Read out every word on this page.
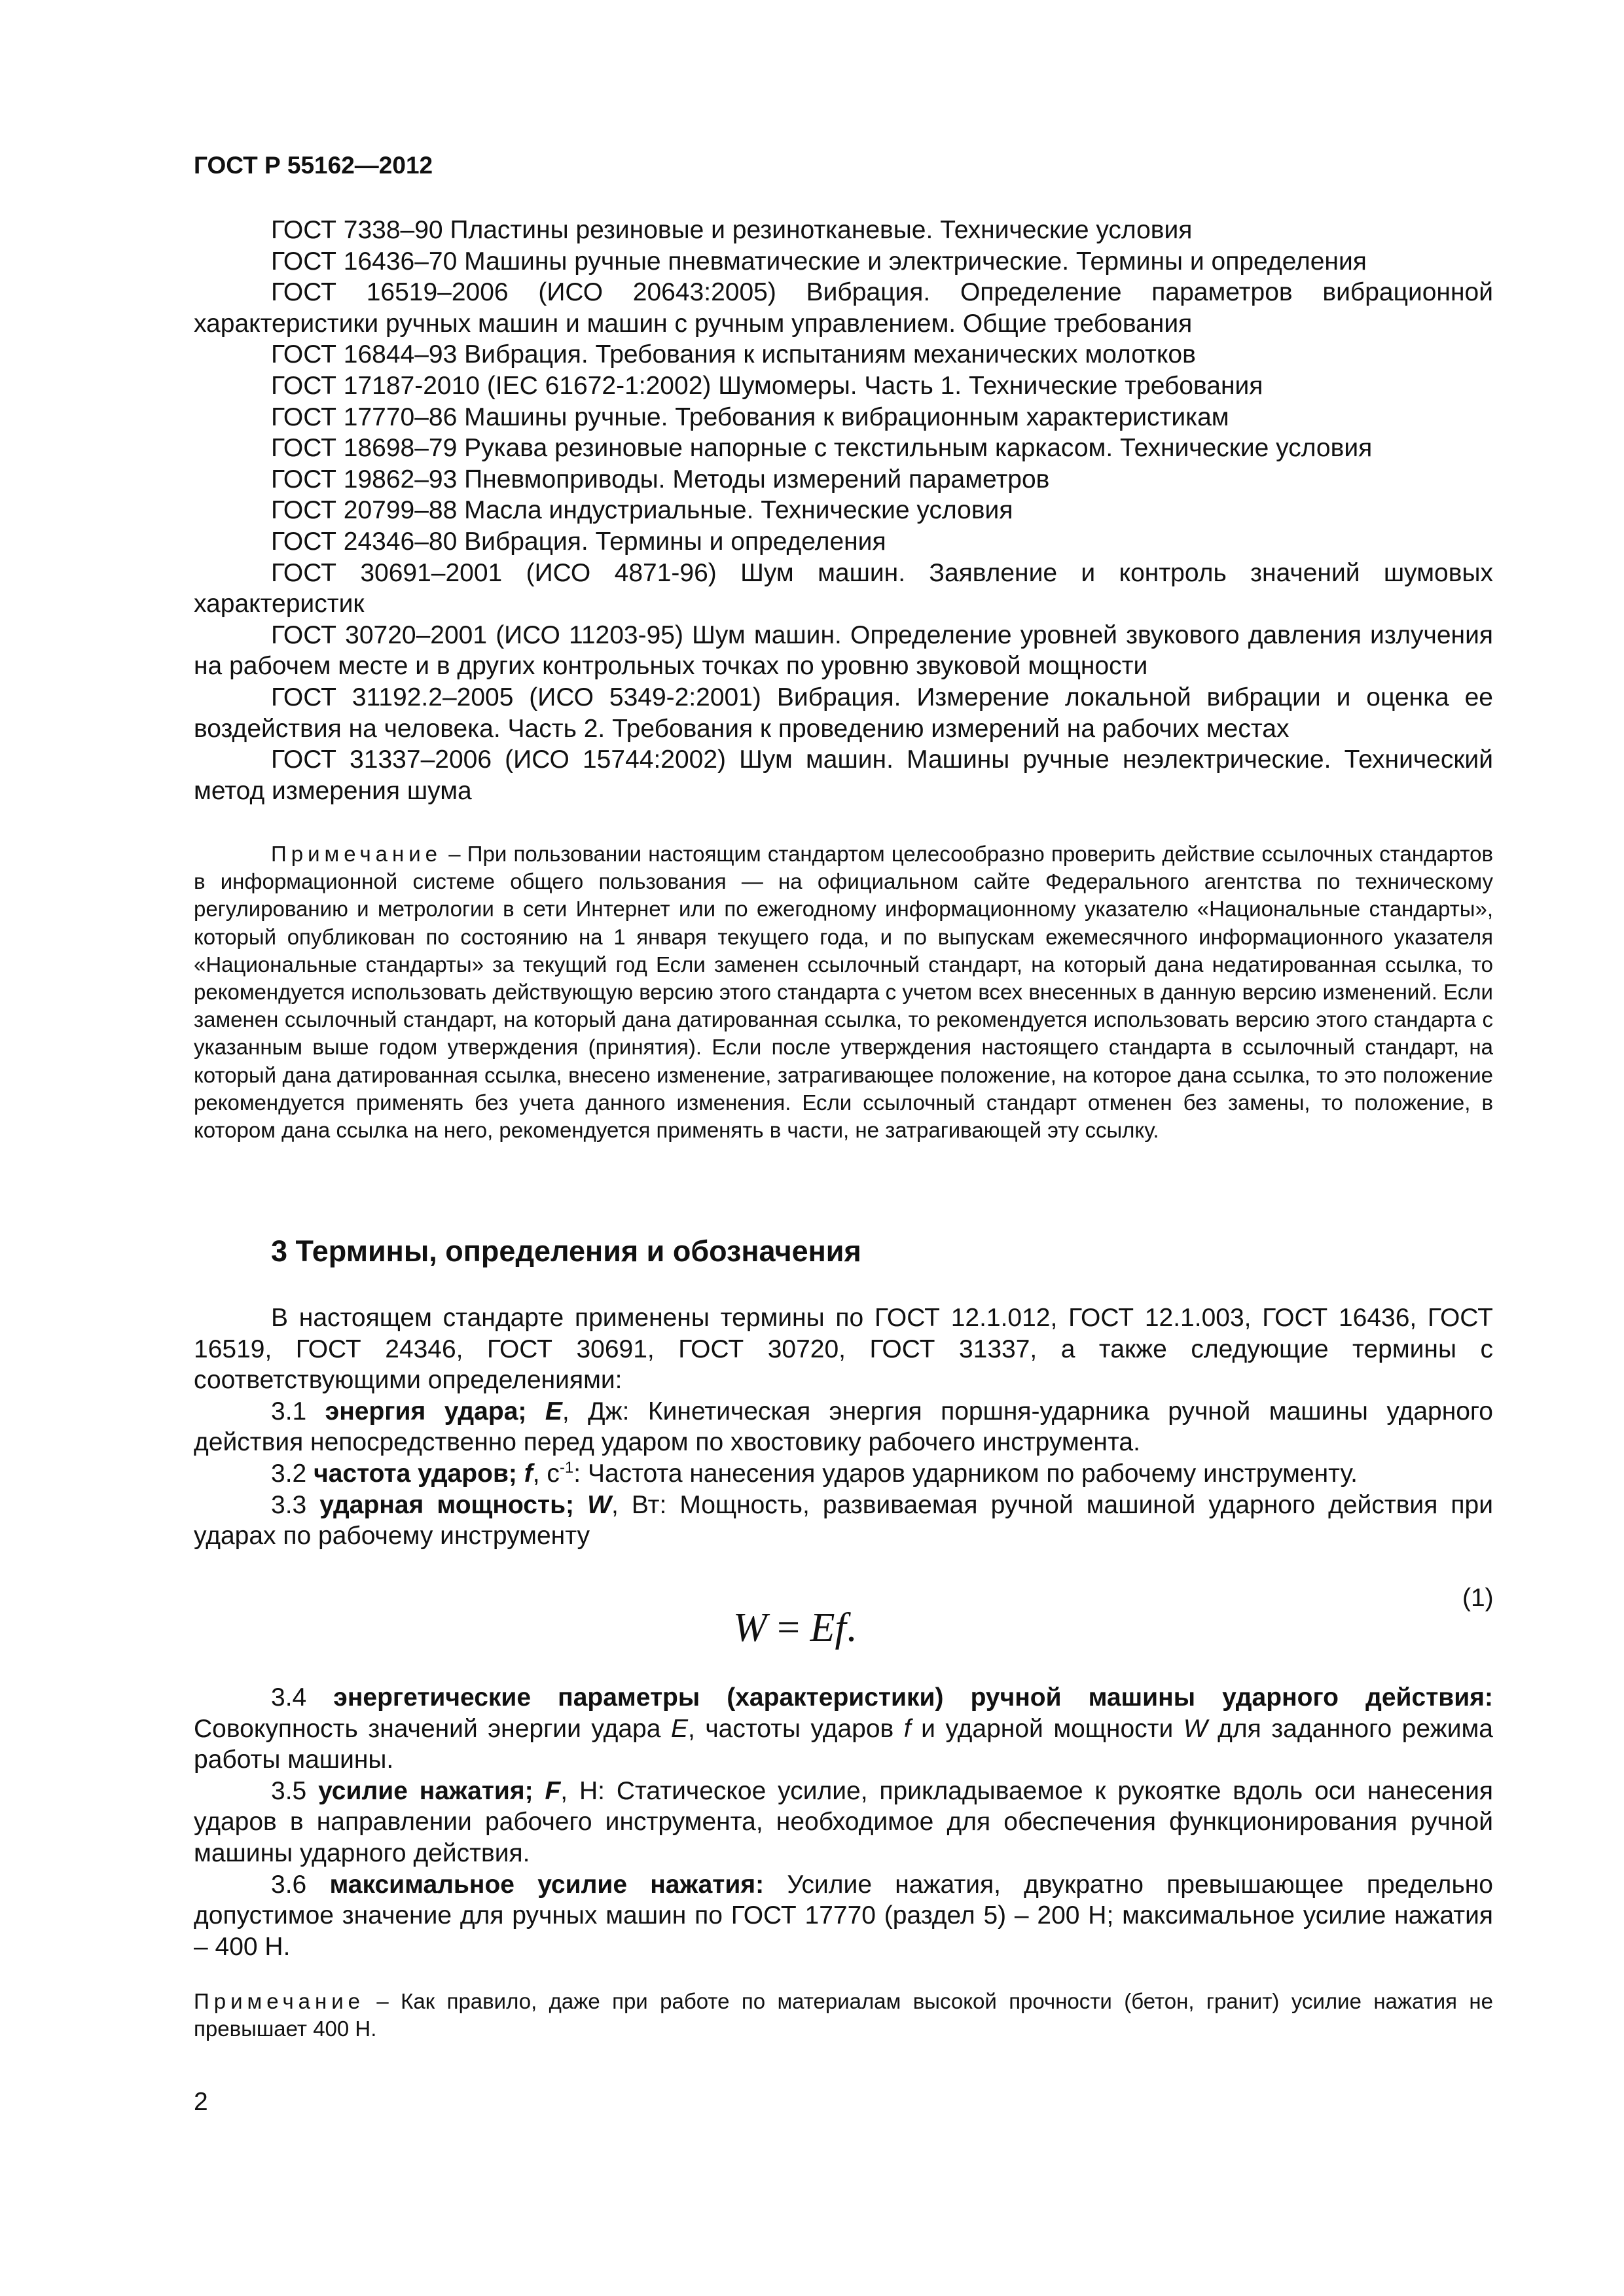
ГОСТ Р 55162—2012

ГОСТ 7338–90 Пластины резиновые и резинотканевые. Технические условия

ГОСТ 16436–70 Машины ручные пневматические и электрические. Термины и определения

ГОСТ 16519–2006 (ИСО 20643:2005) Вибрация. Определение параметров вибрационной характеристики ручных машин и машин с ручным управлением. Общие требования

ГОСТ 16844–93 Вибрация. Требования к испытаниям механических молотков

ГОСТ 17187-2010 (IEC 61672-1:2002) Шумомеры. Часть 1. Технические требования

ГОСТ 17770–86 Машины ручные. Требования к вибрационным характеристикам

ГОСТ 18698–79 Рукава резиновые напорные с текстильным каркасом. Технические условия

ГОСТ 19862–93 Пневмоприводы. Методы измерений параметров

ГОСТ 20799–88 Масла индустриальные. Технические условия

ГОСТ 24346–80 Вибрация. Термины и определения

ГОСТ 30691–2001 (ИСО 4871-96) Шум машин. Заявление и контроль значений шумовых характеристик

ГОСТ 30720–2001 (ИСО 11203-95) Шум машин. Определение уровней звукового давления излучения на рабочем месте и в других контрольных точках по уровню звуковой мощности

ГОСТ 31192.2–2005 (ИСО 5349-2:2001) Вибрация. Измерение локальной вибрации и оценка ее воздействия на человека. Часть 2. Требования к проведению измерений на рабочих местах

ГОСТ 31337–2006 (ИСО 15744:2002) Шум машин. Машины ручные неэлектрические. Технический метод измерения шума

Примечание – При пользовании настоящим стандартом целесообразно проверить действие ссылочных стандартов в информационной системе общего пользования — на официальном сайте Федерального агентства по техническому регулированию и метрологии в сети Интернет или по ежегодному информационному указателю «Национальные стандарты», который опубликован по состоянию на 1 января текущего года, и по выпускам ежемесячного информационного указателя «Национальные стандарты» за текущий год Если заменен ссылочный стандарт, на который дана недатированная ссылка, то рекомендуется использовать действующую версию этого стандарта с учетом всех внесенных в данную версию изменений. Если заменен ссылочный стандарт, на который дана датированная ссылка, то рекомендуется использовать версию этого стандарта с указанным выше годом утверждения (принятия). Если после утверждения настоящего стандарта в ссылочный стандарт, на который дана датированная ссылка, внесено изменение, затрагивающее положение, на которое дана ссылка, то это положение рекомендуется применять без учета данного изменения. Если ссылочный стандарт отменен без замены, то положение, в котором дана ссылка на него, рекомендуется применять в части, не затрагивающей эту ссылку.

3 Термины, определения и обозначения

В настоящем стандарте применены термины по ГОСТ 12.1.012, ГОСТ 12.1.003, ГОСТ 16436, ГОСТ 16519, ГОСТ 24346, ГОСТ 30691, ГОСТ 30720, ГОСТ 31337, а также следующие термины с соответствующими определениями:

3.1 энергия удара; E, Дж: Кинетическая энергия поршня-ударника ручной машины ударного действия непосредственно перед ударом по хвостовику рабочего инструмента.

3.2 частота ударов; f, $с^{-1}$: Частота нанесения ударов ударником по рабочему инструменту.

3.3 ударная мощность; W, Вт: Мощность, развиваемая ручной машиной ударного действия при ударах по рабочему инструменту

W = Ef.
(1)

3.4 энергетические параметры (характеристики) ручной машины ударного действия: Совокупность значений энергии удара E, частоты ударов f и ударной мощности W для заданного режима работы машины.

3.5 усилие нажатия; F, Н: Статическое усилие, прикладываемое к рукоятке вдоль оси нанесения ударов в направлении рабочего инструмента, необходимое для обеспечения функционирования ручной машины ударного действия.

3.6 максимальное усилие нажатия: Усилие нажатия, двукратно превышающее предельно допустимое значение для ручных машин по ГОСТ 17770 (раздел 5) – 200 Н; максимальное усилие нажатия – 400 Н.

Примечание – Как правило, даже при работе по материалам высокой прочности (бетон, гранит) усилие нажатия не превышает 400 Н.

2
